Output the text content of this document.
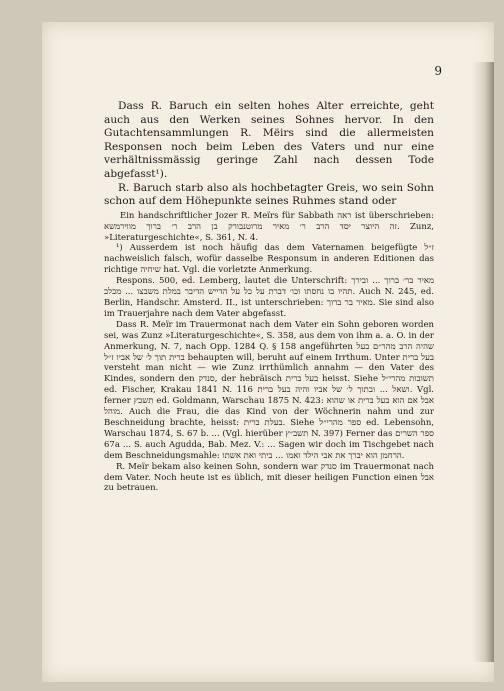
9

Dass R. Baruch ein selten hohes Alter erreichte, geht auch aus den Werken seines Sohnes hervor. In den Gutachtensammlungen R. Mëirs sind die allermeisten Responsen noch beim Leben des Vaters und nur eine verhältnissmässig geringe Zahl nach dessen Tode abgefasst¹).

R. Baruch starb also als hochbetagter Greis, wo sein Sohn schon auf dem Höhepunkte seines Ruhmes stand oder

Ein handschriftlicher Jozer R. Meïrs für Sabbath ראה ist überschrieben: זה היוצר יסד הרב ר׳ מאיר מרוטנבורק בן הרב ר׳ ברוך מווירמשא. Zunz, »Literaturgeschichte«, S. 361, N. 4.

¹) Ausserdem ist noch häufig das dem Vaternamen beigefügte ז״ל nachweislich falsch, wofür dasselbe Responsum in anderen Editionen das richtige שיחיה hat. Vgl. die vorletzte Anmerkung.

Respons. 500, ed. Lemberg, lautet die Unterschrift: מאיר בר׳ ברוך ... ובירך תהיו בו נחסתו וכו׳ דברת על כל על הדייש הדיבר במלת משבצו ... מכלב. Auch N. 245, ed. Berlin, Handschr. Amsterd. II., ist unterschrieben: מאיר בר ברוך. Sie sind also im Trauerjahre nach dem Vater abgefasst.

Dass R. Meïr im Trauermonat nach dem Vater ein Sohn geboren worden sei, was Zunz »Literaturgeschichte«, S. 358, aus dem von ihm a. a. O. in der Anmerkung, N. 7, nach Opp. 1284 Q. § 158 angeführten שהיה הרב מהר״ם בעל ברית תוך ל׳ של אביו ז״ל behaupten will, beruht auf einem Irrthum. Unter בעל ברית versteht man nicht — wie Zunz irrthümlich annahm — den Vater des Kindes, sondern den סנדק, der hebräisch בעל ברית heisst. Siehe תשובות מהרי״ל ed. Fischer, Krakau 1841 N. 116 ושאל ... ובתוך ל׳ של אביו והיה בעל ברית. Vgl. ferner תשבץ ed. Goldmann, Warschau 1875 N. 423: אבל אם הוא בעל ברית או שהוא מוהל. Auch die Frau, die das Kind von der Wöchnerin nahm und zur Beschneidung brachte, heisst: בעלת ברית. Siehe ספר מהרי״ל ed. Lebensohn, Warschau 1874, S. 67 b. ... (Vgl. hierüber תשב״ץ N. 397) Ferner das ספר השרים 67a ... S. auch Agudda, Bab. Mez. V.: ... Sagen wir doch im Tischgebet nach dem Beschneidungsmahle: הרחמן הוא יברך את אבי הילד ואמו ... ביתי ואת אשתו.

R. Meïr bekam also keinen Sohn, sondern war סנדק im Trauermonat nach dem Vater. Noch heute ist es üblich, mit dieser heiligen Function einen אבל zu betrauen.
